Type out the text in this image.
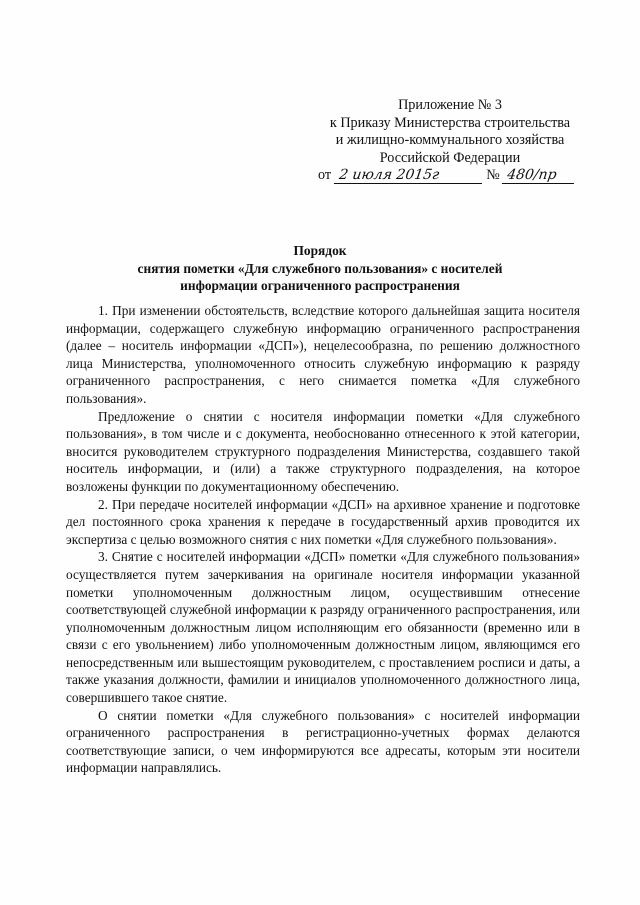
Приложение № 3
к Приказу Министерства строительства
и жилищно-коммунального хозяйства
Российской Федерации
от 2 июля 2015г	№ 480/пр
Порядок
снятия пометки «Для служебного пользования» с носителей
информации ограниченного распространения

1. При изменении обстоятельств, вследствие которого дальнейшая защита носителя информации, содержащего служебную информацию ограниченного распространения (далее – носитель информации «ДСП»), нецелесообразна, по решению должностного лица Министерства, уполномоченного относить служебную информацию к разряду ограниченного распространения, с него снимается пометка «Для служебного пользования».

Предложение о снятии с носителя информации пометки «Для служебного пользования», в том числе и с документа, необоснованно отнесенного к этой категории, вносится руководителем структурного подразделения Министерства, создавшего такой носитель информации, и (или) а также структурного подразделения, на которое возложены функции по документационному обеспечению.

2. При передаче носителей информации «ДСП» на архивное хранение и подготовке дел постоянного срока хранения к передаче в государственный архив проводится их экспертиза с целью возможного снятия с них пометки «Для служебного пользования».

3. Снятие с носителей информации «ДСП» пометки «Для служебного пользования» осуществляется путем зачеркивания на оригинале носителя информации указанной пометки уполномоченным должностным лицом, осуществившим отнесение соответствующей служебной информации к разряду ограниченного распространения, или уполномоченным должностным лицом исполняющим его обязанности (временно или в связи с его увольнением) либо уполномоченным должностным лицом, являющимся его непосредственным или вышестоящим руководителем, с проставлением росписи и даты, а также указания должности, фамилии и инициалов уполномоченного должностного лица, совершившего такое снятие.

О снятии пометки «Для служебного пользования» с носителей информации ограниченного распространения в регистрационно-учетных формах делаются соответствующие записи, о чем информируются все адресаты, которым эти носители информации направлялись.
